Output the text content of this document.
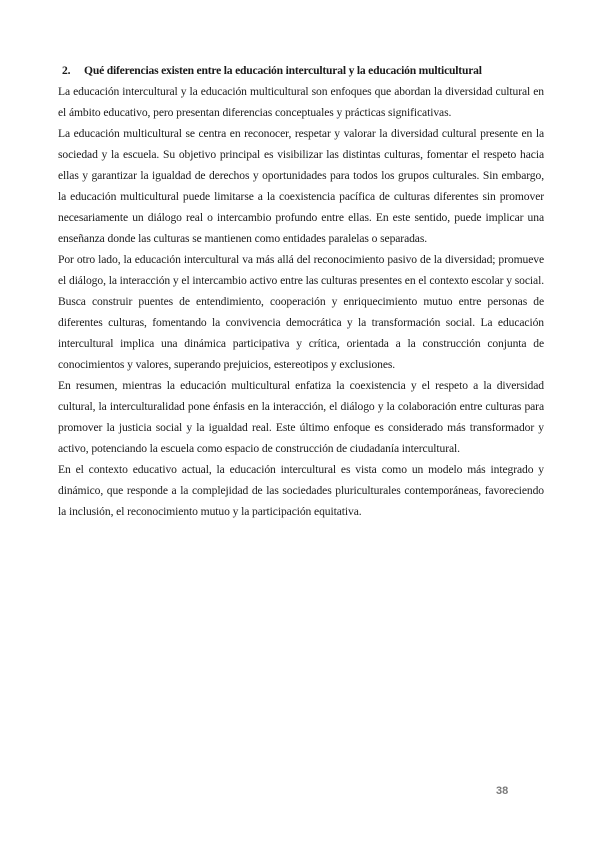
2.	Qué diferencias existen entre la educación intercultural y la educación multicultural

La educación intercultural y la educación multicultural son enfoques que abordan la diversidad cultural en el ámbito educativo, pero presentan diferencias conceptuales y prácticas significativas.

La educación multicultural se centra en reconocer, respetar y valorar la diversidad cultural presente en la sociedad y la escuela. Su objetivo principal es visibilizar las distintas culturas, fomentar el respeto hacia ellas y garantizar la igualdad de derechos y oportunidades para todos los grupos culturales. Sin embargo, la educación multicultural puede limitarse a la coexistencia pacífica de culturas diferentes sin promover necesariamente un diálogo real o intercambio profundo entre ellas. En este sentido, puede implicar una enseñanza donde las culturas se mantienen como entidades paralelas o separadas.

Por otro lado, la educación intercultural va más allá del reconocimiento pasivo de la diversidad; promueve el diálogo, la interacción y el intercambio activo entre las culturas presentes en el contexto escolar y social. Busca construir puentes de entendimiento, cooperación y enriquecimiento mutuo entre personas de diferentes culturas, fomentando la convivencia democrática y la transformación social. La educación intercultural implica una dinámica participativa y crítica, orientada a la construcción conjunta de conocimientos y valores, superando prejuicios, estereotipos y exclusiones.

En resumen, mientras la educación multicultural enfatiza la coexistencia y el respeto a la diversidad cultural, la interculturalidad pone énfasis en la interacción, el diálogo y la colaboración entre culturas para promover la justicia social y la igualdad real. Este último enfoque es considerado más transformador y activo, potenciando la escuela como espacio de construcción de ciudadanía intercultural.

En el contexto educativo actual, la educación intercultural es vista como un modelo más integrado y dinámico, que responde a la complejidad de las sociedades pluriculturales contemporáneas, favoreciendo la inclusión, el reconocimiento mutuo y la participación equitativa.

38
